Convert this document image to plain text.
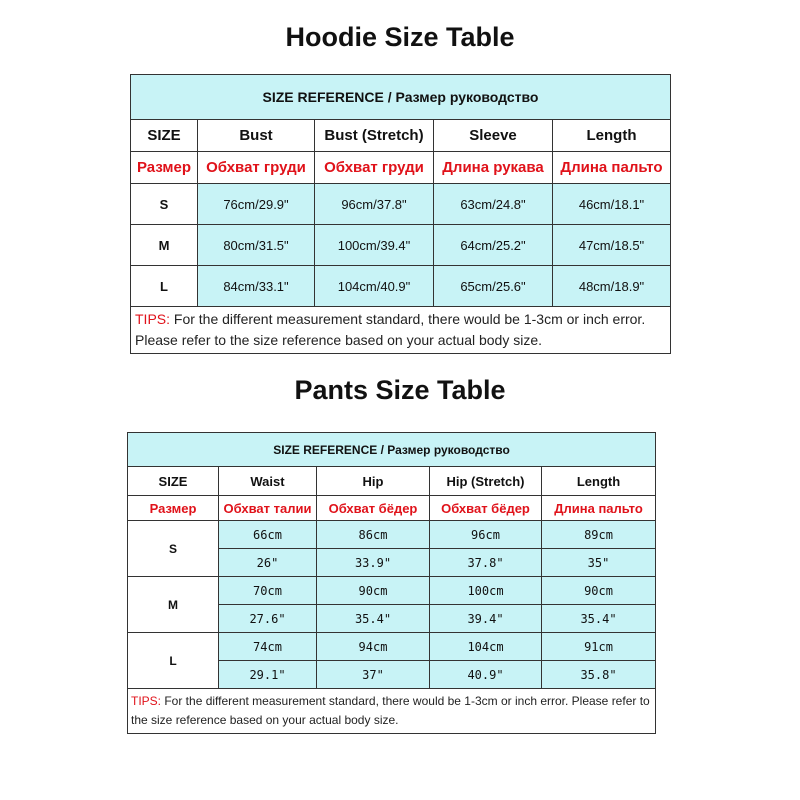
Hoodie Size Table
SIZE REFERENCE / Размер руководство				
SIZE	Bust	Bust (Stretch)	Sleeve	Length
Размер	Обхват груди	Обхват груди	Длина рукава	Длина пальто
S	76cm/29.9"	96cm/37.8"	63cm/24.8"	46cm/18.1"
M	80cm/31.5"	100cm/39.4"	64cm/25.2"	47cm/18.5"
L	84cm/33.1"	104cm/40.9"	65cm/25.6"	48cm/18.9"
TIPS: For the different measurement standard, there would be 1-3cm or inch error. Please refer to the size reference based on your actual body size.				
Pants Size Table
SIZE REFERENCE / Размер руководство				
SIZE	Waist	Hip	Hip (Stretch)	Length
Размер	Обхват талии	Обхват бёдер	Обхват бёдер	Длина пальто
S	66cm	86cm	96cm	89cm
	26"	33.9"	37.8"	35"
M	70cm	90cm	100cm	90cm
	27.6"	35.4"	39.4"	35.4"
L	74cm	94cm	104cm	91cm
	29.1"	37"	40.9"	35.8"
TIPS: For the different measurement standard, there would be 1-3cm or inch error. Please refer to the size reference based on your actual body size.				
